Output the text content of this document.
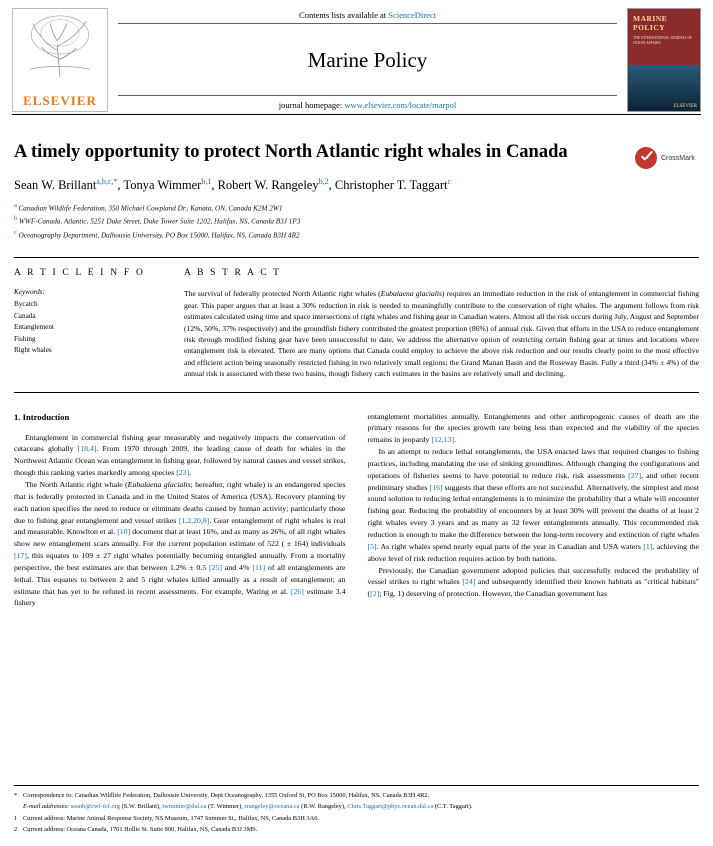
ELSEVIER
Contents lists available at ScienceDirect
Marine Policy
journal homepage: www.elsevier.com/locate/marpol
MARINE POLICY
THE INTERNATIONAL JOURNAL OF OCEAN AFFAIRS
ELSEVIER
CrossMark
A timely opportunity to protect North Atlantic right whales in Canada
Sean W. Brillant$^{a,b,c,*}$, Tonya Wimmer$^{b,1}$, Robert W. Rangeley$^{b,2}$, Christopher T. Taggart$^c$
a Canadian Wildlife Federation, 350 Michael Cowpland Dr., Kanata, ON, Canada K2M 2W1
b WWF-Canada, Atlantic, 5251 Duke Street, Duke Tower Suite 1202, Halifax, NS, Canada B3J 1P3
c Oceanography Department, Dalhousie University, PO Box 15000, Halifax, NS, Canada B3H 4R2
A R T I C L E I N F O
Keywords:
Bycatch
Canada
Entanglement
Fishing
Right whales
A B S T R A C T
The survival of federally protected North Atlantic right whales (Eubalaena glacialis) requires an immediate reduction in the risk of entanglement in commercial fishing gear. This paper argues that at least a 30% reduction in risk is needed to meaningfully contribute to the conservation of right whales. The argument follows from risk estimates calculated using time and space intersections of right whales and fishing gear in Canadian waters. Almost all the risk occurs during July, August and September (12%, 50%, 37% respectively) and the groundfish fishery contributed the greatest proportion (86%) of annual risk. Given that efforts in the USA to reduce entanglement risk through modified fishing gear have been unsuccessful to date, we address the alternative option of restricting certain fishing gear at times and locations where entanglement risk is elevated. There are many options that Canada could employ to achieve the above risk reduction and our results clearly point to the most effective and efficient action being seasonally restricted fishing in two relatively small regions; the Grand Manan Basin and the Roseway Basin. Fully a third (34% ± 4%) of the annual risk is associated with these two basins, though fishery catch estimates in the basins are relatively small and declining.
1. Introduction

Entanglement in commercial fishing gear measurably and negatively impacts the conservation of cetaceans globally [18,4]. From 1970 through 2009, the leading cause of death for whales in the Northwest Atlantic Ocean was entanglement in fishing gear, followed by natural causes and vessel strikes, though this ranking varies markedly among species [23].

The North Atlantic right whale (Eubalaena glacialis; hereafter, right whale) is an endangered species that is federally protected in Canada and in the United States of America (USA). Recovery planning by each nation specifies the need to reduce or eliminate deaths caused by human activity; particularly those due to fishing gear entanglement and vessel strikes [1,2,20,8]. Gear entanglement of right whales is real and measurable. Knowlton et al. [10] document that at least 16%, and as many as 26%, of all right whales show new entanglement scars annually. For the current population estimate of 522 ( ± 164) individuals [17], this equates to 109 ± 27 right whales potentially becoming entangled annually. From a mortality perspective, the best estimates are that between 1.2% ± 0.5 [25] and 4% [11] of all entanglements are lethal. This equates to between 2 and 5 right whales killed annually as a result of entanglement; an estimate that has yet to be refuted in recent assessments. For example, Waring et al. [26] estimate 3.4 fishery

entanglement mortalities annually. Entanglements and other anthropogenic causes of death are the primary reasons for the species growth rate being less than expected and the viability of the species remains in jeopardy [12,13].

In an attempt to reduce lethal entanglements, the USA enacted laws that required changes to fishing practices, including mandating the use of sinking groundlines. Although changing the configurations and operations of fisheries seems to have potential to reduce risk, risk assessments [27], and other recent preliminary studies [16] suggests that these efforts are not successful. Alternatively, the simplest and most sound solution to reducing lethal entanglements is to minimize the probability that a whale will encounter fishing gear. Reducing the probability of encounters by at least 30% will prevent the deaths of at least 2 right whales every 3 years and as many as 32 fewer entanglements annually. This recommended risk reduction is enough to make the difference between the long-term recovery and extinction of right whales [5]. As right whales spend nearly equal parts of the year in Canadian and USA waters [1], achieving the above level of risk reduction requires action by both nations.

Previously, the Canadian government adopted policies that successfully reduced the probability of vessel strikes to right whales [24] and subsequently identified their known habitats as "critical habitats" ([2]; Fig. 1) deserving of protection. However, the Canadian government has

* Correspondence to: Canadian Wildlife Federation, Dalhousie University, Dept Oceanography, 1355 Oxford St, PO Box 15000, Halifax, NS, Canada B3H 4R2.
E-mail addresses: seanb@cwf-fcf.org (S.W. Brillant), twimmer@dal.ca (T. Wimmer), rrangeley@oceana.ca (R.W. Rangeley), Chris.Taggart@phys.ocean.dal.ca (C.T. Taggart).
1 Current address: Marine Animal Response Society, NS Museum, 1747 Summer St., Halifax, NS, Canada B3H 3A6.
2 Current address: Oceana Canada, 1701 Hollis St. Suite 800, Halifax, NS, Canada B3J 3M9.
